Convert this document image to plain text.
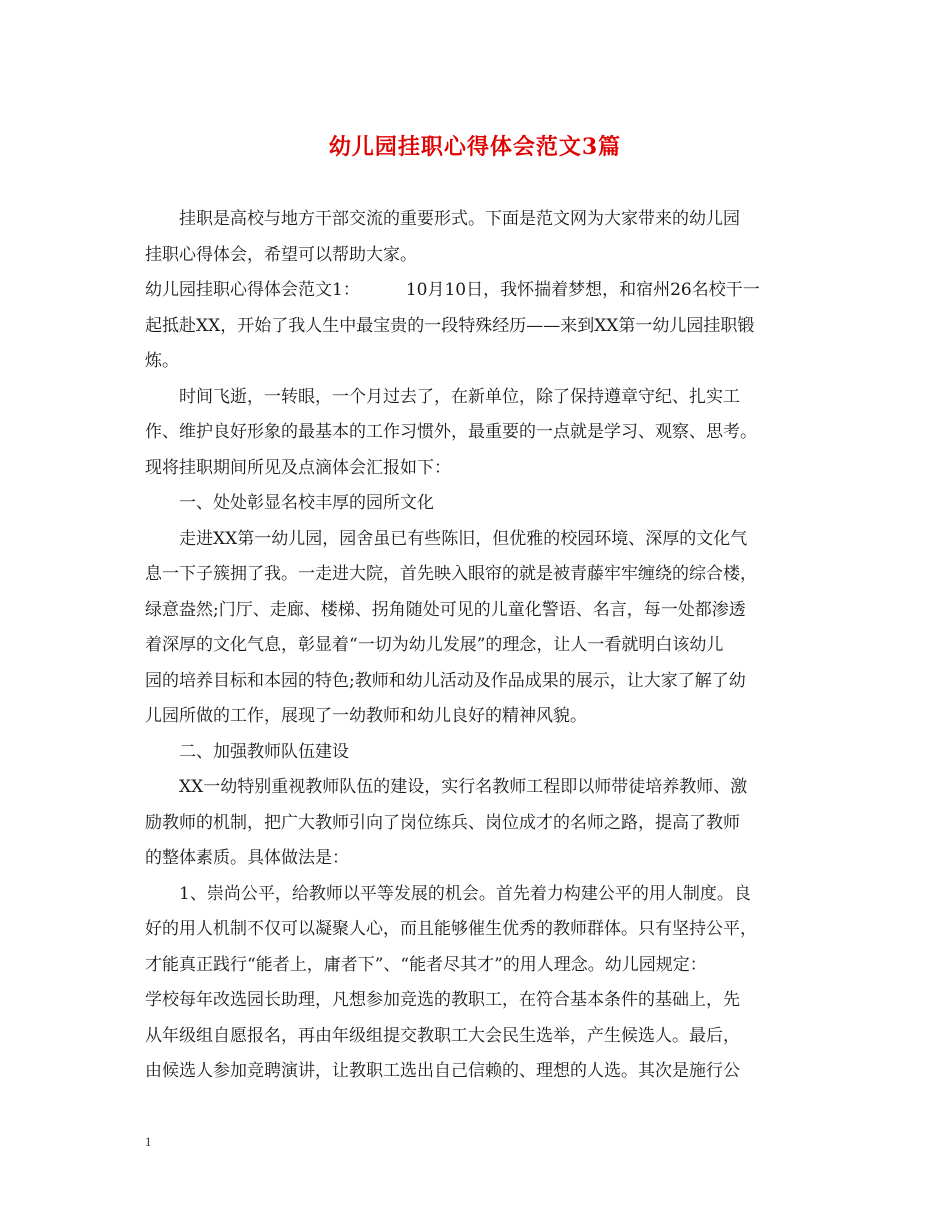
幼儿园挂职心得体会范文3篇
挂职是高校与地方干部交流的重要形式。下面是范文网为大家带来的幼儿园
挂职心得体会，希望可以帮助大家。
幼儿园挂职心得体会范文1：	10月10日，我怀揣着梦想，和宿州26名校干一
起抵赴XX，开始了我人生中最宝贵的一段特殊经历——来到XX第一幼儿园挂职锻
炼。
时间飞逝，一转眼，一个月过去了，在新单位，除了保持遵章守纪、扎实工
作、维护良好形象的最基本的工作习惯外，最重要的一点就是学习、观察、思考。
现将挂职期间所见及点滴体会汇报如下：
一、处处彰显名校丰厚的园所文化
走进XX第一幼儿园，园舍虽已有些陈旧，但优雅的校园环境、深厚的文化气
息一下子簇拥了我。一走进大院，首先映入眼帘的就是被青藤牢牢缠绕的综合楼，
绿意盎然;门厅、走廊、楼梯、拐角随处可见的儿童化警语、名言，每一处都渗透
着深厚的文化气息，彰显着“一切为幼儿发展”的理念，让人一看就明白该幼儿
园的培养目标和本园的特色;教师和幼儿活动及作品成果的展示，让大家了解了幼
儿园所做的工作，展现了一幼教师和幼儿良好的精神风貌。
二、加强教师队伍建设
XX一幼特别重视教师队伍的建设，实行名教师工程即以师带徒培养教师、激
励教师的机制，把广大教师引向了岗位练兵、岗位成才的名师之路，提高了教师
的整体素质。具体做法是：
1、崇尚公平，给教师以平等发展的机会。首先着力构建公平的用人制度。良
好的用人机制不仅可以凝聚人心，而且能够催生优秀的教师群体。只有坚持公平，
才能真正践行“能者上，庸者下”、“能者尽其才”的用人理念。幼儿园规定：
学校每年改选园长助理，凡想参加竞选的教职工，在符合基本条件的基础上，先
从年级组自愿报名，再由年级组提交教职工大会民生选举，产生候选人。最后，
由候选人参加竞聘演讲，让教职工选出自己信赖的、理想的人选。其次是施行公
1
